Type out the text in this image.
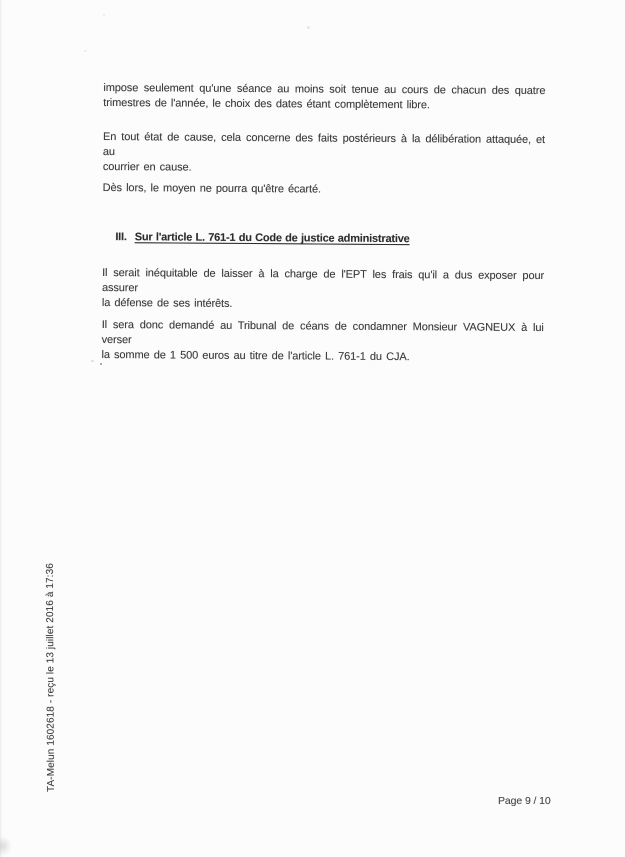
impose seulement qu'une séance au moins soit tenue au cours de chacun des quatre
trimestres de l'année, le choix des dates étant complètement libre.

En tout état de cause, cela concerne des faits postérieurs à la délibération attaquée, et au
courrier en cause.

Dès lors, le moyen ne pourra qu'être écarté.

III. Sur l'article L. 761-1 du Code de justice administrative

Il serait inéquitable de laisser à la charge de l'EPT les frais qu'il a dus exposer pour assurer
la défense de ses intérêts.

Il sera donc demandé au Tribunal de céans de condamner Monsieur VAGNEUX à lui verser
la somme de 1 500 euros au titre de l'article L. 761-1 du CJA.

TA-Melun 1602618 - reçu le 13 juillet 2016 à 17:36
Page 9 / 10
